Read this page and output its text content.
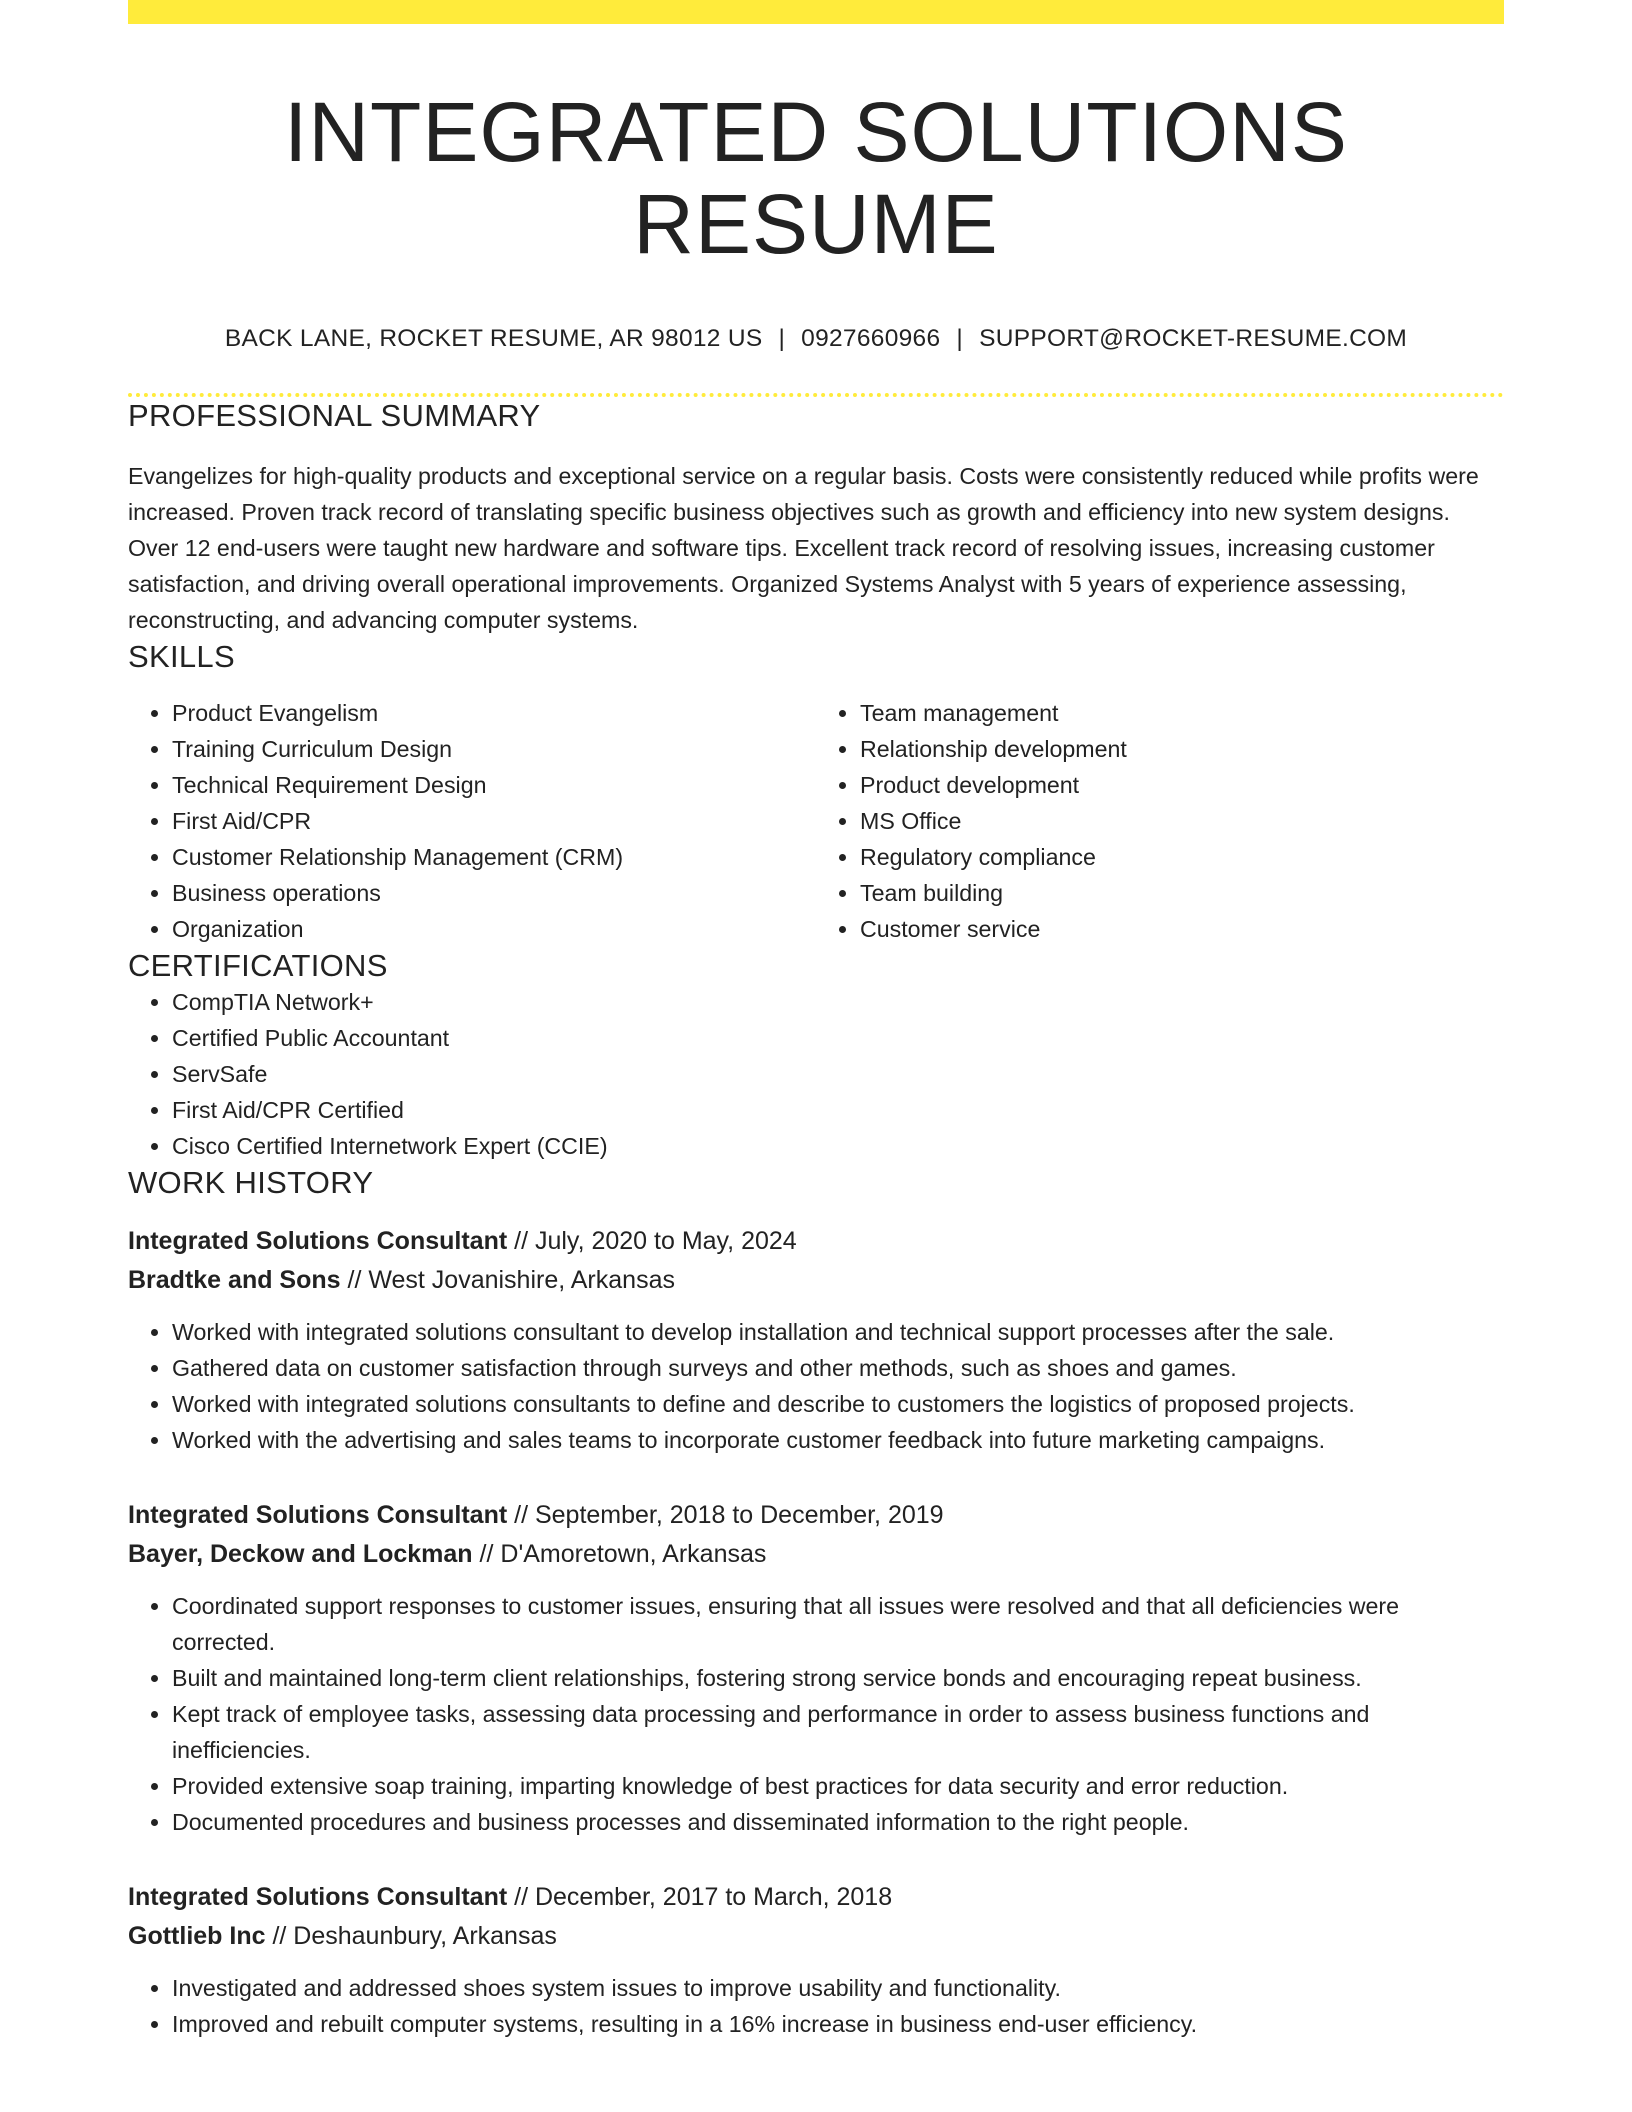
INTEGRATED SOLUTIONS RESUME
BACK LANE, ROCKET RESUME, AR 98012 US | 0927660966 | SUPPORT@ROCKET-RESUME.COM
PROFESSIONAL SUMMARY

Evangelizes for high-quality products and exceptional service on a regular basis. Costs were consistently reduced while profits were increased. Proven track record of translating specific business objectives such as growth and efficiency into new system designs. Over 12 end-users were taught new hardware and software tips. Excellent track record of resolving issues, increasing customer satisfaction, and driving overall operational improvements. Organized Systems Analyst with 5 years of experience assessing, reconstructing, and advancing computer systems.

SKILLS
• Product Evangelism
• Training Curriculum Design
• Technical Requirement Design
• First Aid/CPR
• Customer Relationship Management (CRM)
• Business operations
• Organization
• Team management
• Relationship development
• Product development
• MS Office
• Regulatory compliance
• Team building
• Customer service
CERTIFICATIONS
• CompTIA Network+
• Certified Public Accountant
• ServSafe
• First Aid/CPR Certified
• Cisco Certified Internetwork Expert (CCIE)
WORK HISTORY
Integrated Solutions Consultant // July, 2020 to May, 2024
Bradtke and Sons // West Jovanishire, Arkansas
• Worked with integrated solutions consultant to develop installation and technical support processes after the sale.
• Gathered data on customer satisfaction through surveys and other methods, such as shoes and games.
• Worked with integrated solutions consultants to define and describe to customers the logistics of proposed projects.
• Worked with the advertising and sales teams to incorporate customer feedback into future marketing campaigns.
Integrated Solutions Consultant // September, 2018 to December, 2019
Bayer, Deckow and Lockman // D'Amoretown, Arkansas
• Coordinated support responses to customer issues, ensuring that all issues were resolved and that all deficiencies were corrected.
• Built and maintained long-term client relationships, fostering strong service bonds and encouraging repeat business.
• Kept track of employee tasks, assessing data processing and performance in order to assess business functions and inefficiencies.
• Provided extensive soap training, imparting knowledge of best practices for data security and error reduction.
• Documented procedures and business processes and disseminated information to the right people.
Integrated Solutions Consultant // December, 2017 to March, 2018
Gottlieb Inc // Deshaunbury, Arkansas
• Investigated and addressed shoes system issues to improve usability and functionality.
• Improved and rebuilt computer systems, resulting in a 16% increase in business end-user efficiency.
